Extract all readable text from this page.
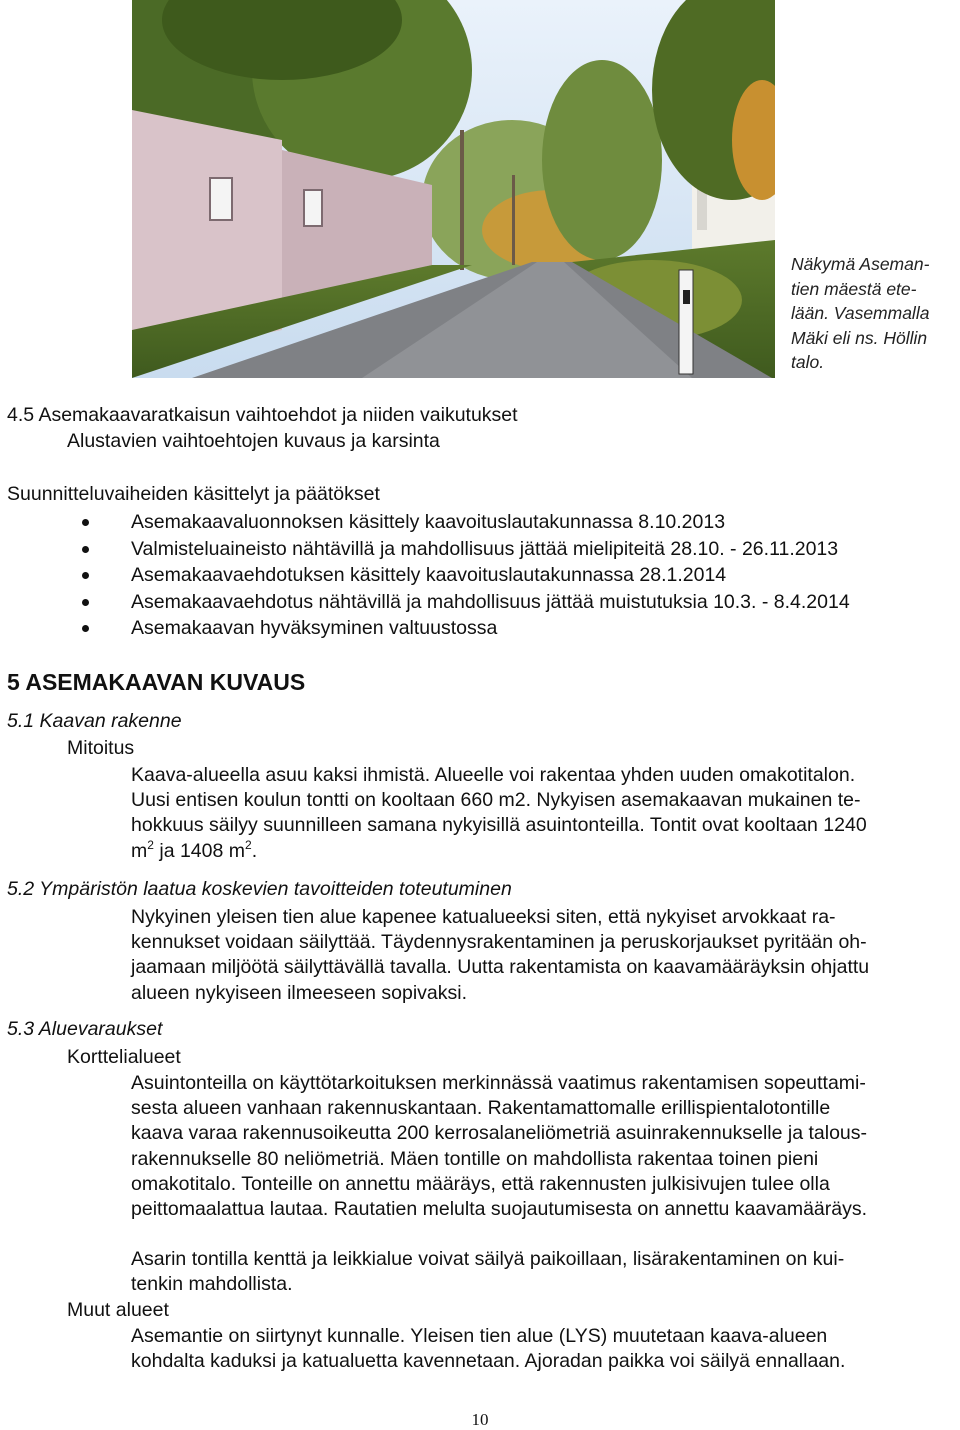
Näkymä Aseman-
tien mäestä ete-
lään. Vasemmalla
Mäki eli ns. Höllin
talo.
4.5 Asemakaavaratkaisun vaihtoehdot ja niiden vaikutukset
Alustavien vaihtoehtojen kuvaus ja karsinta
Suunnitteluvaiheiden käsittelyt ja päätökset
Asemakaavaluonnoksen käsittely kaavoituslautakunnassa 8.10.2013
Valmisteluaineisto nähtävillä ja mahdollisuus jättää mielipiteitä 28.10. - 26.11.2013
Asemakaavaehdotuksen käsittely kaavoituslautakunnassa 28.1.2014
Asemakaavaehdotus nähtävillä ja mahdollisuus jättää muistutuksia 10.3. - 8.4.2014
Asemakaavan hyväksyminen valtuustossa
5 ASEMAKAAVAN KUVAUS
5.1 Kaavan rakenne
Mitoitus
Kaava-alueella asuu kaksi ihmistä. Alueelle voi rakentaa yhden uuden omakotitalon.
Uusi entisen koulun tontti on kooltaan 660 m2. Nykyisen asemakaavan mukainen te-
hokkuus säilyy suunnilleen samana nykyisillä asuintonteilla. Tontit ovat kooltaan 1240
$m^2$ ja 1408 $m^2$.
5.2 Ympäristön laatua koskevien tavoitteiden toteutuminen
Nykyinen yleisen tien alue kapenee katualueeksi siten, että nykyiset arvokkaat ra-
kennukset voidaan säilyttää. Täydennysrakentaminen ja peruskorjaukset pyritään oh-
jaamaan miljöötä säilyttävällä tavalla. Uutta rakentamista on kaavamääräyksin ohjattu
alueen nykyiseen ilmeeseen sopivaksi.
5.3 Aluevaraukset
Korttelialueet
Asuintonteilla on käyttötarkoituksen merkinnässä vaatimus rakentamisen sopeuttami-
sesta alueen vanhaan rakennuskantaan. Rakentamattomalle erillispientalotontille
kaava varaa rakennusoikeutta 200 kerrosalaneliömetriä asuinrakennukselle ja talous-
rakennukselle 80 neliömetriä. Mäen tontille on mahdollista rakentaa toinen pieni
omakotitalo. Tonteille on annettu määräys, että rakennusten julkisivujen tulee olla
peittomaalattua lautaa. Rautatien melulta suojautumisesta on annettu kaavamääräys.
Asarin tontilla kenttä ja leikkialue voivat säilyä paikoillaan, lisärakentaminen on kui-
tenkin mahdollista.
Muut alueet
Asemantie on siirtynyt kunnalle. Yleisen tien alue (LYS) muutetaan kaava-alueen
kohdalta kaduksi ja katualuetta kavennetaan. Ajoradan paikka voi säilyä ennallaan.
10
